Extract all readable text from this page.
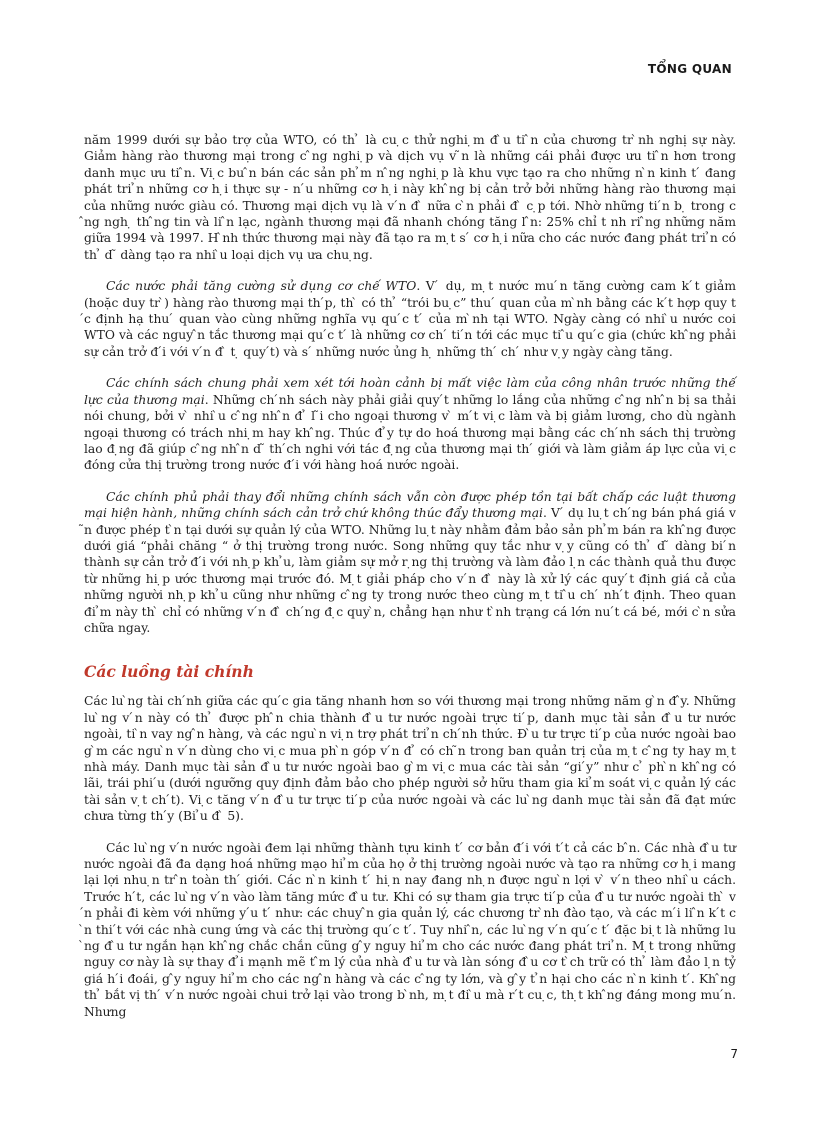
TỔNG QUAN

năm 1999 dưới sự bảo trợ của WTO, có th ̉ là cu ̣c thử nghi ̣m đ ̀u ti ̂n của chương tr ̀nh nghị sự này. Giảm hàng rào thương mại trong c ̂ng nghi ̣p và dịch vụ v ̃n là những cái phải được ưu ti ̂n hơn trong danh mục ưu ti ̂n. Vi ̣c bu ̂n bán các sản ph ̉m n ̂ng nghi ̣p là khu vực tạo ra cho những n ̀n kinh t ́ đang phát tri ̉n những cơ h ̣i thực sự - n ́u những cơ h ̣i này kh ̂ng bị cản trở bởi những hàng rào thương mại của những nước giàu có. Thương mại dịch vụ là v ́n đ ̀ nữa c ̀n phải đ ̀ c ̣p tới. Nhờ những ti ́n b ̣ trong c ̂ng ngh ̣ th ̂ng tin và li ̂n lạc, ngành thương mại đã nhanh chóng tăng l ̂n: 25% chỉ t nh ri ̂ng những năm giữa 1994 và 1997. H ̀nh thức thương mại này đã tạo ra m ̣t s ́ cơ h ̣i nữa cho các nước đang phát tri ̉n có th ̉ d ̃ dàng tạo ra nhi ̀u loại dịch vụ ưa chu ̣ng.

Các nước phải tăng cường sử dụng cơ chế WTO. V ́ dụ, m ̣t nước mu ́n tăng cường cam k ́t giảm (hoặc duy tr ̀) hàng rào thương mại th ́p, th ̀ có th ̉ “trói bu ̣c” thu ́ quan của m ̀nh bằng các k ́t hợp quy t ́c định hạ thu ́ quan vào cùng những nghĩa vụ qu ́c t ́ của m ̀nh tại WTO. Ngày càng có nhi ̀u nước coi WTO và các nguy ̂n tắc thương mại qu ́c t ́ là những cơ ch ́ ti ́n tới các mục ti ̂u qu ́c gia (chức kh ̂ng phải sự cản trở đ ́i với v ́n đ ̀ t ̣ quy ́t) và s ́ những nước ủng h ̣ những th ́ ch ́ như v ̣y ngày càng tăng.

Các chính sách chung phải xem xét tới hoàn cảnh bị mất việc làm của công nhân trước những thế lực của thương mại. Những ch ́nh sách này phải giải quy ́t những lo lắng của những c ̂ng nh ̂n bị sa thải nói chung, bởi v ̀ nhi ̀u c ̂ng nh ̂n đ ̉ l ̃i cho ngoại thương v ̀ m ́t vi ̣c làm và bị giảm lương, cho dù ngành ngoại thương có trách nhi ̣m hay kh ̂ng. Thúc đ ̉y tự do hoá thương mại bằng các ch ́nh sách thị trường lao đ ̣ng đã giúp c ̂ng nh ̂n d ̃ th ́ch nghi với tác đ ̣ng của thương mại th ́ giới và làm giảm áp lực của vi ̣c đóng cửa thị trường trong nước đ ́i với hàng hoá nước ngoài.

Các chính phủ phải thay đổi những chính sách vẫn còn được phép tồn tại bất chấp các luật thương mại hiện hành, những chính sách cản trở chứ không thúc đẩy thương mại. V ́ dụ lu ̣t ch ́ng bán phá giá v ̃n được phép t ̀n tại dưới sự quản lý của WTO. Những lu ̣t này nhằm đảm bảo sản ph ̉m bán ra kh ̂ng được dưới giá “phải chăng “ ở thị trường trong nước. Song những quy tắc như v ̣y cũng có th ̉ d ̃ dàng bi ́n thành sự cản trở đ ́i với nh ̣p kh ̉u, làm giảm sự mở r ̣ng thị trường và làm đảo l ̣n các thành quả thu được từ những hi ̣p ước thương mại trước đó. M ̣t giải pháp cho v ́n đ ̀ này là xử lý các quy ́t định giá cả của những người nh ̣p kh ̉u cũng như những c ̂ng ty trong nước theo cùng m ̣t ti ̂u ch ́ nh ́t định. Theo quan đi ̉m này th ̀ chỉ có những v ́n đ ̀ ch ́ng đ ̣c quy ̀n, chẳng hạn như t ̀nh trạng cá lớn nu ́t cá bé, mới c ̀n sửa chữa ngay.

Các luồng tài chính

Các lu ̀ng tài ch ́nh giữa các qu ́c gia tăng nhanh hơn so với thương mại trong những năm g ̀n đ ̂y. Những lu ̀ng v ́n này có th ̉ được ph ̂n chia thành đ ̀u tư nước ngoài trực ti ́p, danh mục tài sản đ ̀u tư nước ngoài, ti ̀n vay ng ̂n hàng, và các ngu ̀n vi ̣n trợ phát tri ̉n ch ́nh thức. Đ ̀u tư trực ti ́p của nước ngoài bao g ̀m các ngu ̀n v ́n dùng cho vi ̣c mua ph ̀n góp v ́n đ ̉ có ch ̃n trong ban quản trị của m ̣t c ̂ng ty hay m ̣t nhà máy. Danh mục tài sản đ ̀u tư nước ngoài bao g ̀m vi ̣c mua các tài sản “gi ́y” như c ̉ ph ̀n kh ̂ng có lãi, trái phi ́u (dưới ngưỡng quy định đảm bảo cho phép người sở hữu tham gia ki ̉m soát vi ̣c quản lý các tài sản v ̣t ch ́t). Vi ̣c tăng v ́n đ ̀u tư trực ti ́p của nước ngoài và các lu ̀ng danh mục tài sản đã đạt mức chưa từng th ́y (Bi ̉u đ ̀ 5).

Các lu ̀ng v ́n nước ngoài đem lại những thành tựu kinh t ́ cơ bản đ ́i với t ́t cả các b ̂n. Các nhà đ ̀u tư nước ngoài đã đa dạng hoá những mạo hi ̉m của họ ở thị trường ngoài nước và tạo ra những cơ h ̣i mang lại lợi nhu ̣n tr ̂n toàn th ́ giới. Các n ̀n kinh t ́ hi ̣n nay đang nh ̣n được ngu ̀n lợi v ̀ v ́n theo nhi ̀u cách. Trước h ́t, các lu ̀ng v ́n vào làm tăng mức đ ̀u tư. Khi có sự tham gia trực ti ́p của đ ̀u tư nước ngoài th ̀ v ́n phải đi kèm với những y ́u t ́ như: các chuy ̂n gia quản lý, các chương tr ̀nh đào tạo, và các m ́i li ̂n k ́t c ̀n thi ́t với các nhà cung ứng và các thị trường qu ́c t ́. Tuy nhi ̂n, các lu ̀ng v ́n qu ́c t ́ đặc bi ̣t là những lu ̀ng đ ̀u tư ngắn hạn kh ̂ng chắc chắn cũng g ̂y nguy hi ̉m cho các nước đang phát tri ̉n. M ̣t trong những nguy cơ này là sự thay đ ̉i mạnh mẽ t ̂m lý của nhà đ ̀u tư và làn sóng đ ̀u cơ t ̀ch trữ có th ̉ làm đảo l ̣n tỷ giá h ́i đoái, g ̂y nguy hi ̉m cho các ng ̂n hàng và các c ̂ng ty lớn, và g ̂y t ̉n hại cho các n ̀n kinh t ́. Kh ̂ng th ̉ bắt vị th ́ v ́n nước ngoài chui trở lại vào trong b ̀nh, m ̣t đi ̀u mà r ́t cu ̣c, th ̣t kh ̂ng đáng mong mu ́n. Nhưng

7
